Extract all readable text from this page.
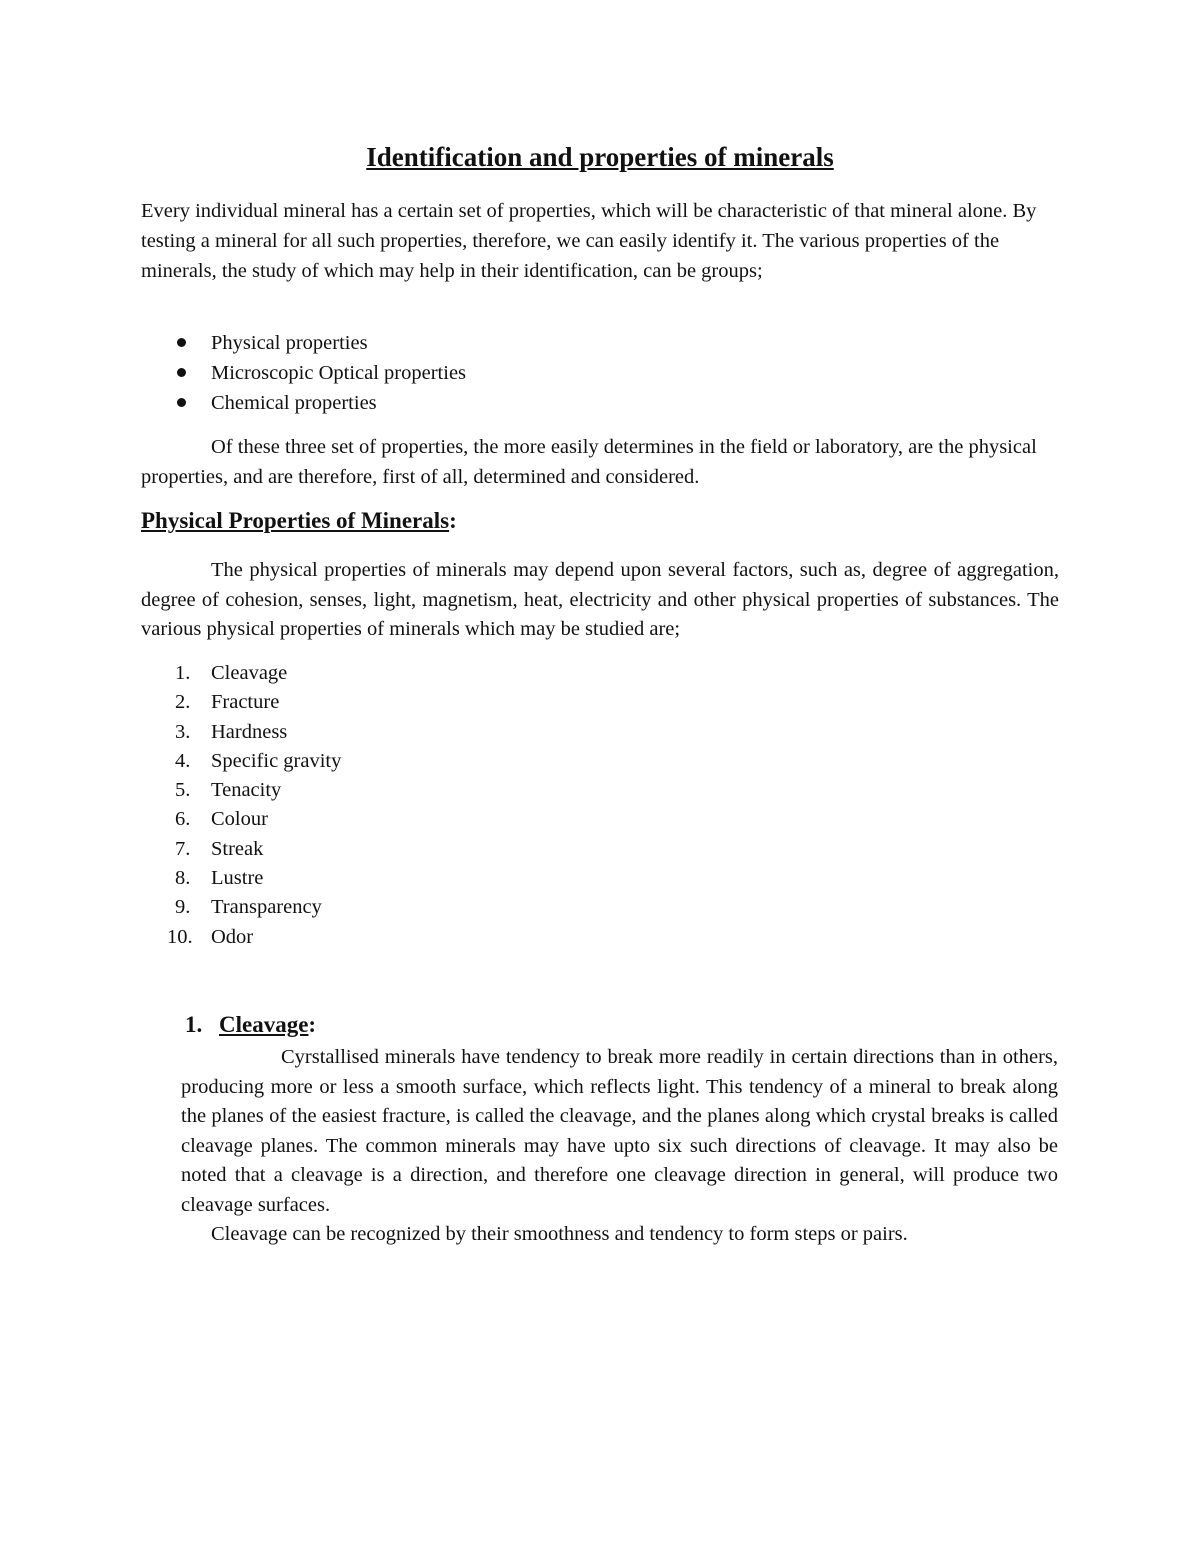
Identification and properties of minerals

Every individual mineral has a certain set of properties, which will be characteristic of that mineral alone. By testing a mineral for all such properties, therefore, we can easily identify it. The various properties of the minerals, the study of which may help in their identification, can be groups;

Physical properties
Microscopic Optical properties
Chemical properties

Of these three set of properties, the more easily determines in the field or laboratory, are the physical properties, and are therefore, first of all, determined and considered.

Physical Properties of Minerals:

The physical properties of minerals may depend upon several factors, such as, degree of aggregation, degree of cohesion, senses, light, magnetism, heat, electricity and other physical properties of substances. The various physical properties of minerals which may be studied are;

1. Cleavage
2. Fracture
3. Hardness
4. Specific gravity
5. Tenacity
6. Colour
7. Streak
8. Lustre
9. Transparency
10. Odor
1. Cleavage:

Cyrstallised minerals have tendency to break more readily in certain directions than in others, producing more or less a smooth surface, which reflects light. This tendency of a mineral to break along the planes of the easiest fracture, is called the cleavage, and the planes along which crystal breaks is called cleavage planes. The common minerals may have upto six such directions of cleavage. It may also be noted that a cleavage is a direction, and therefore one cleavage direction in general, will produce two cleavage surfaces.

Cleavage can be recognized by their smoothness and tendency to form steps or pairs.
